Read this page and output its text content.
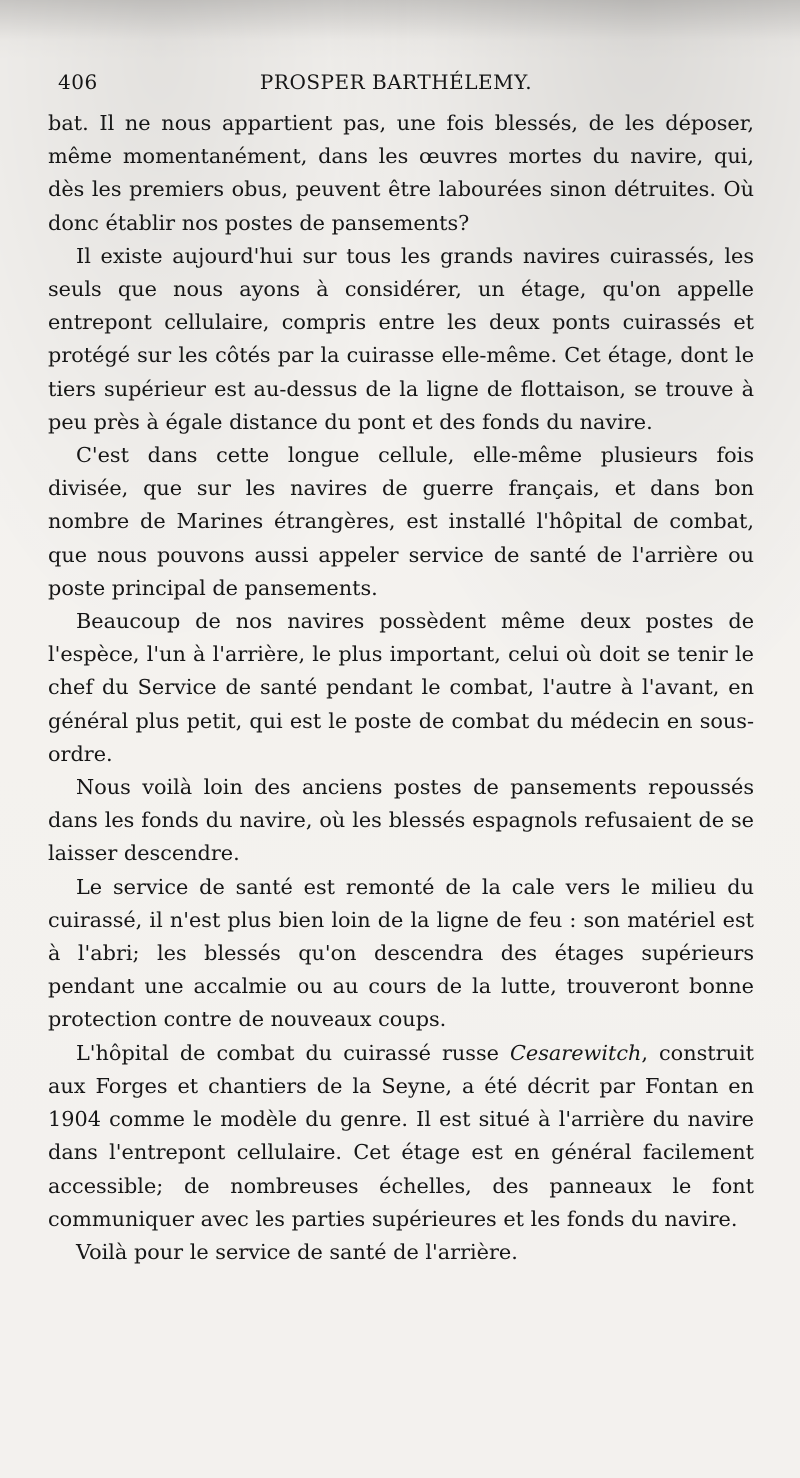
406	PROSPER BARTHÉLEMY.

bat. Il ne nous appartient pas, une fois blessés, de les déposer, même momentanément, dans les œuvres mortes du navire, qui, dès les premiers obus, peuvent être labourées sinon détruites. Où donc établir nos postes de pansements?

Il existe aujourd'hui sur tous les grands navires cuirassés, les seuls que nous ayons à considérer, un étage, qu'on appelle entrepont cellulaire, compris entre les deux ponts cuirassés et protégé sur les côtés par la cuirasse elle-même. Cet étage, dont le tiers supérieur est au-dessus de la ligne de flottaison, se trouve à peu près à égale distance du pont et des fonds du navire.

C'est dans cette longue cellule, elle-même plusieurs fois divisée, que sur les navires de guerre français, et dans bon nombre de Marines étrangères, est installé l'hôpital de combat, que nous pouvons aussi appeler service de santé de l'arrière ou poste principal de pansements.

Beaucoup de nos navires possèdent même deux postes de l'espèce, l'un à l'arrière, le plus important, celui où doit se tenir le chef du Service de santé pendant le combat, l'autre à l'avant, en général plus petit, qui est le poste de combat du médecin en sous-ordre.

Nous voilà loin des anciens postes de pansements repoussés dans les fonds du navire, où les blessés espagnols refusaient de se laisser descendre.

Le service de santé est remonté de la cale vers le milieu du cuirassé, il n'est plus bien loin de la ligne de feu : son matériel est à l'abri; les blessés qu'on descendra des étages supérieurs pendant une accalmie ou au cours de la lutte, trouveront bonne protection contre de nouveaux coups.

L'hôpital de combat du cuirassé russe Cesarewitch, construit aux Forges et chantiers de la Seyne, a été décrit par Fontan en 1904 comme le modèle du genre. Il est situé à l'arrière du navire dans l'entrepont cellulaire. Cet étage est en général facilement accessible; de nombreuses échelles, des panneaux le font communiquer avec les parties supérieures et les fonds du navire.

Voilà pour le service de santé de l'arrière.
